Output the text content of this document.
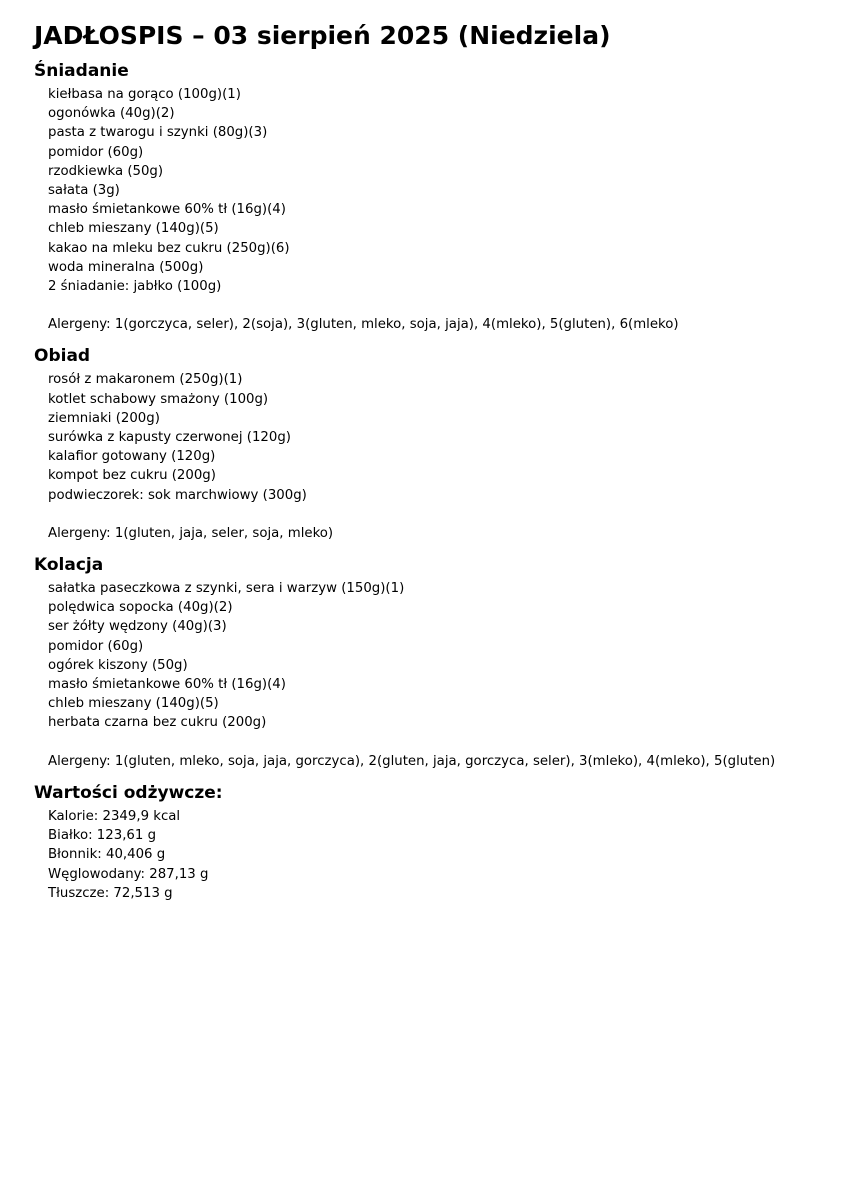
JADŁOSPIS – 03 sierpień 2025 (Niedziela)
Śniadanie
kiełbasa na gorąco (100g)(1)
ogonówka (40g)(2)
pasta z twarogu i szynki (80g)(3)
pomidor (60g)
rzodkiewka (50g)
sałata (3g)
masło śmietankowe 60% tł (16g)(4)
chleb mieszany (140g)(5)
kakao na mleku bez cukru (250g)(6)
woda mineralna (500g)
2 śniadanie: jabłko (100g)
Alergeny: 1(gorczyca, seler), 2(soja), 3(gluten, mleko, soja, jaja), 4(mleko), 5(gluten), 6(mleko)
Obiad
rosół z makaronem (250g)(1)
kotlet schabowy smażony (100g)
ziemniaki (200g)
surówka z kapusty czerwonej (120g)
kalafior gotowany (120g)
kompot bez cukru (200g)
podwieczorek: sok marchwiowy (300g)
Alergeny: 1(gluten, jaja, seler, soja, mleko)
Kolacja
sałatka paseczkowa z szynki, sera i warzyw (150g)(1)
polędwica sopocka (40g)(2)
ser żółty wędzony (40g)(3)
pomidor (60g)
ogórek kiszony (50g)
masło śmietankowe 60% tł (16g)(4)
chleb mieszany (140g)(5)
herbata czarna bez cukru (200g)
Alergeny: 1(gluten, mleko, soja, jaja, gorczyca), 2(gluten, jaja, gorczyca, seler), 3(mleko), 4(mleko), 5(gluten)
Wartości odżywcze:
Kalorie: 2349,9 kcal
Białko: 123,61 g
Błonnik: 40,406 g
Węglowodany: 287,13 g
Tłuszcze: 72,513 g
